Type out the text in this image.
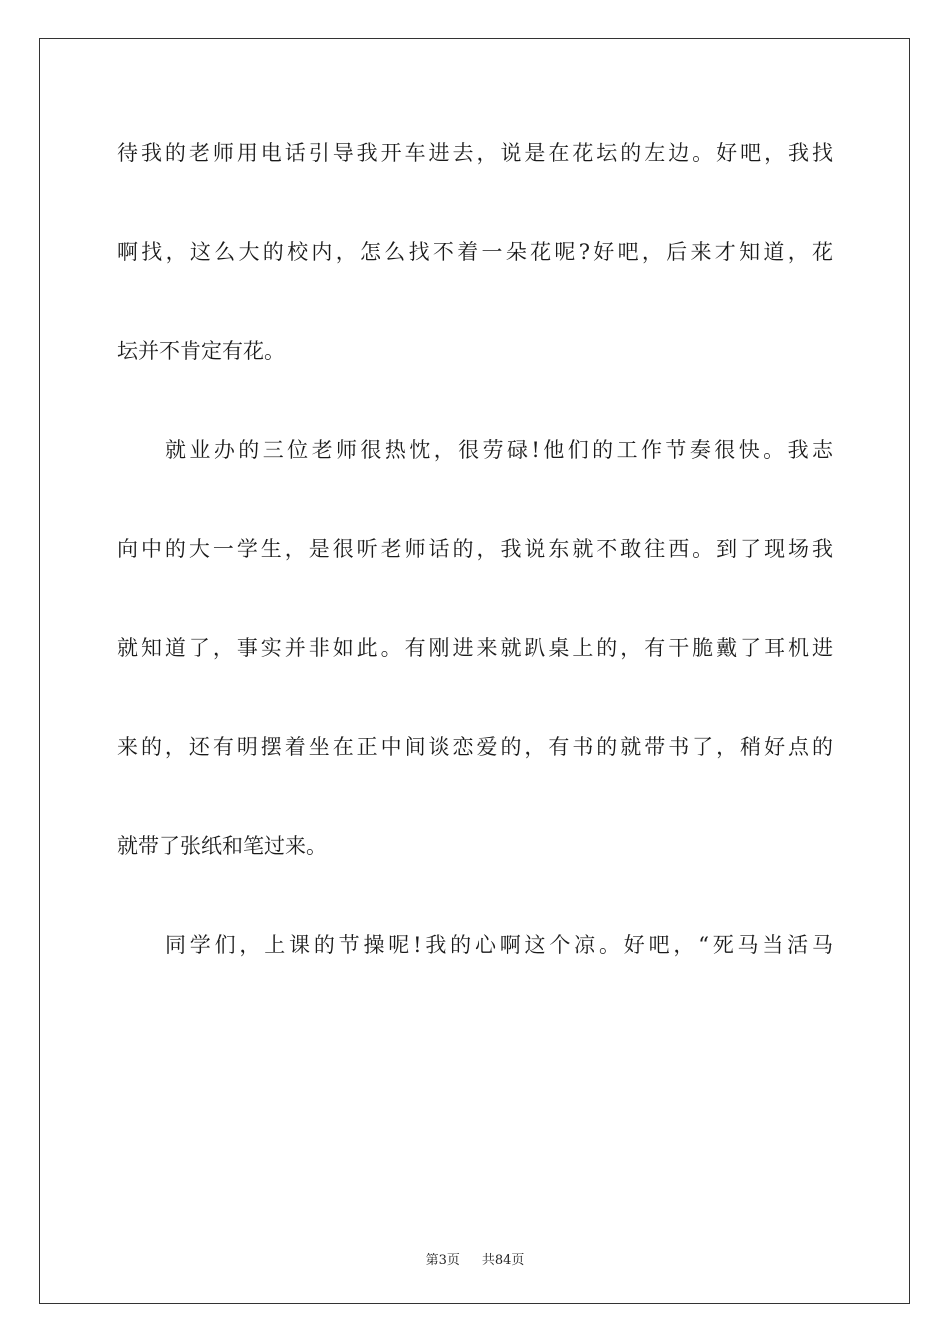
待我的老师用电话引导我开车进去，说是在花坛的左边。好吧，我找
啊找，这么大的校内，怎么找不着一朵花呢?好吧，后来才知道，花
坛并不肯定有花。
就业办的三位老师很热忱，很劳碌!他们的工作节奏很快。我志
向中的大一学生，是很听老师话的，我说东就不敢往西。到了现场我
就知道了，事实并非如此。有刚进来就趴桌上的，有干脆戴了耳机进
来的，还有明摆着坐在正中间谈恋爱的，有书的就带书了，稍好点的
就带了张纸和笔过来。
同学们，上课的节操呢!我的心啊这个凉。好吧，“死马当活马
第3页 共84页
